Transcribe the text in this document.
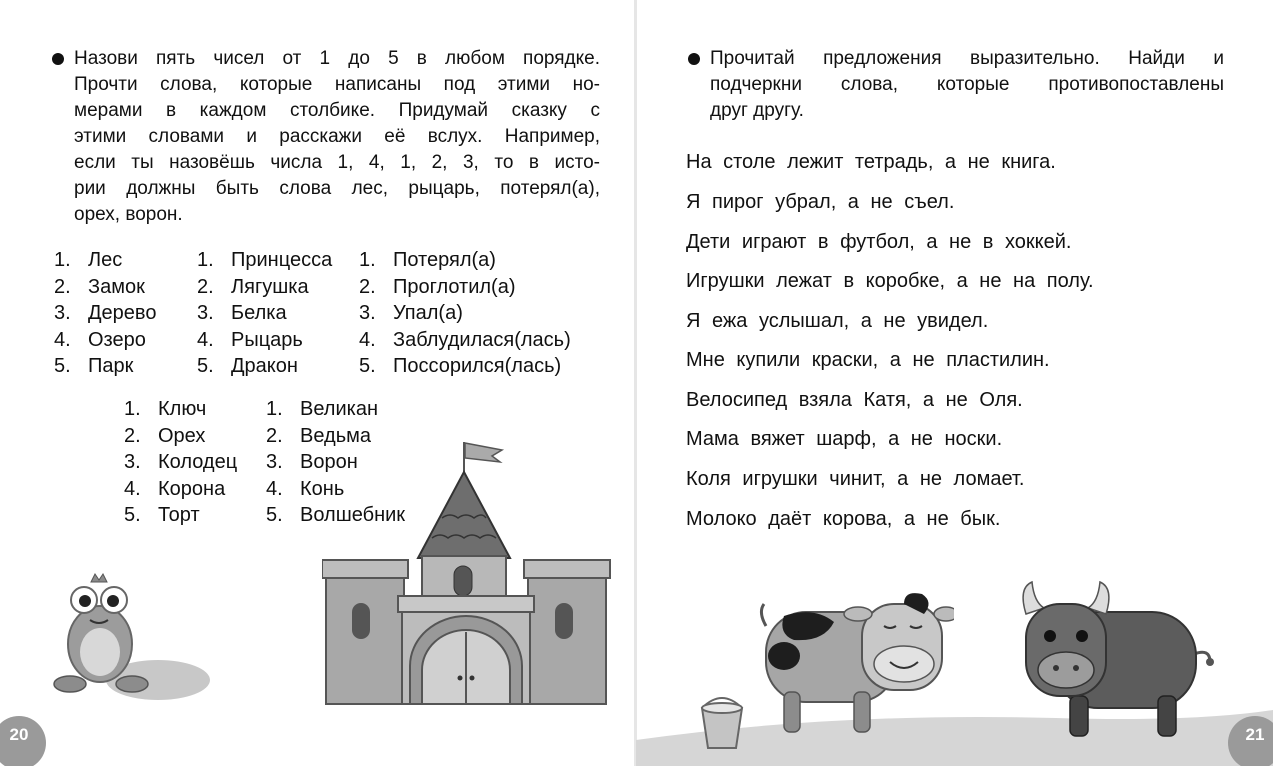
Назови пять чисел от 1 до 5 в любом порядке.
Прочти слова, которые написаны под этими но-
мерами в каждом столбике. Придумай сказку с
этими словами и расскажи её вслух. Например,
если ты назовёшь числа 1, 4, 1, 2, 3, то в исто-
рии должны быть слова лес, рыцарь, потерял(а),
орех, ворон.
1. Лес
2. Замок
3. Дерево
4. Озеро
5. Парк
1. Принцесса
2. Лягушка
3. Белка
4. Рыцарь
5. Дракон
1. Потерял(а)
2. Проглотил(а)
3. Упал(а)
4. Заблудилася(лась)
5. Поссорился(лась)
1. Ключ
2. Орех
3. Колодец
4. Корона
5. Торт
1. Великан
2. Ведьма
3. Ворон
4. Конь
5. Волшебник
20
Прочитай предложения выразительно. Найди и
подчеркни слова, которые противопоставлены
друг другу.
На столе лежит тетрадь, а не книга.
Я пирог убрал, а не съел.
Дети играют в футбол, а не в хоккей.
Игрушки лежат в коробке, а не на полу.
Я ежа услышал, а не увидел.
Мне купили краски, а не пластилин.
Велосипед взяла Катя, а не Оля.
Мама вяжет шарф, а не носки.
Коля игрушки чинит, а не ломает.
Молоко даёт корова, а не бык.
21
